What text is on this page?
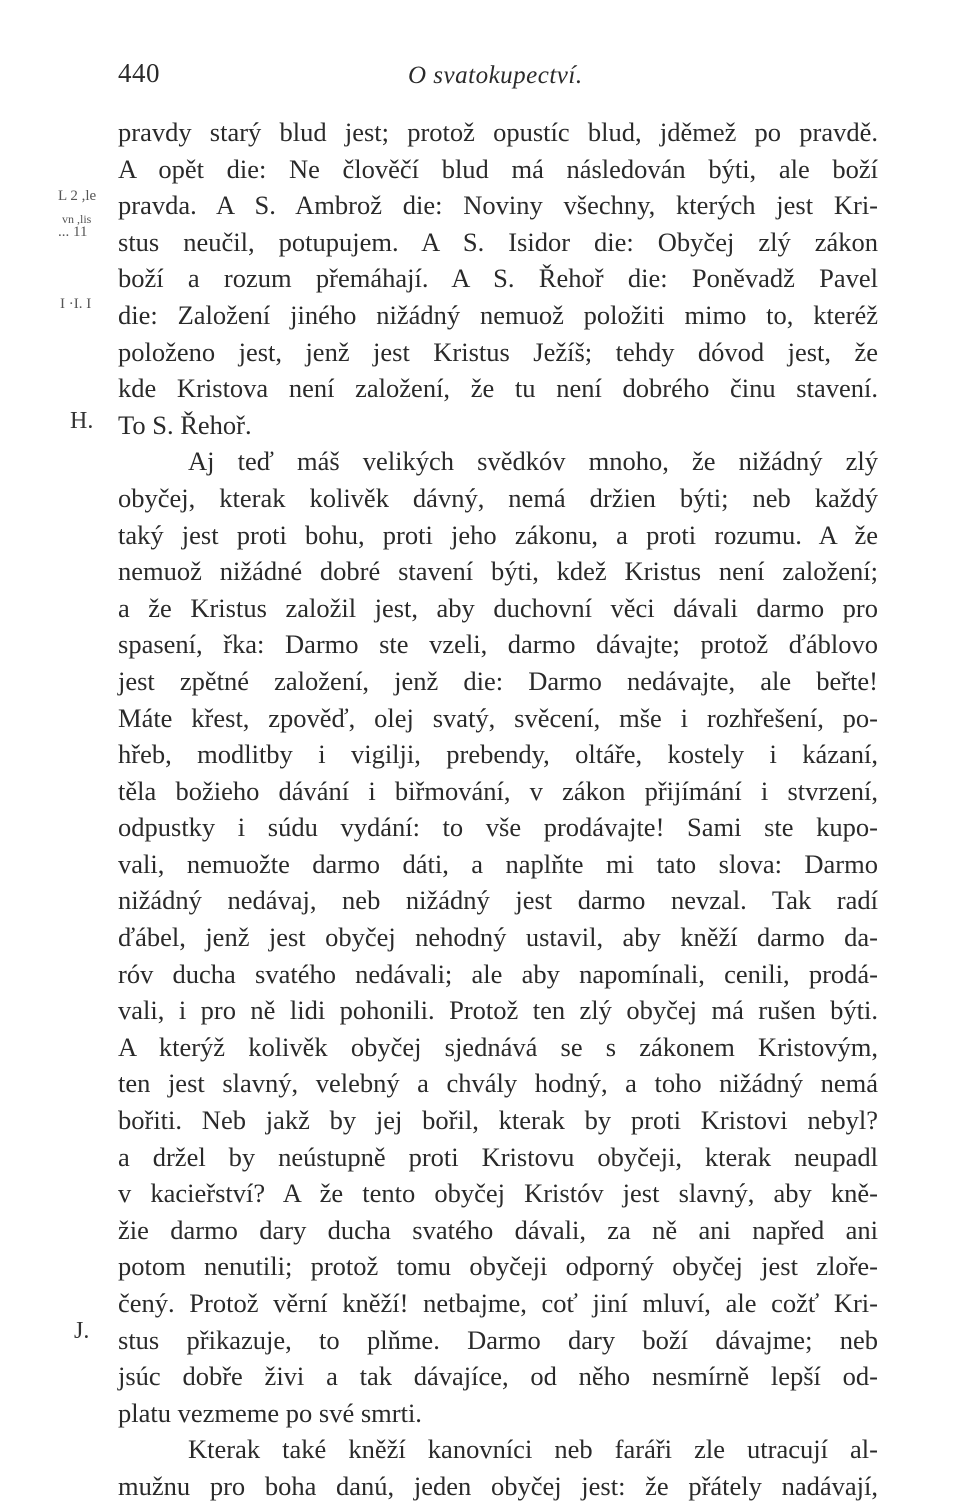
440	O svatokupectví.
L 2 ,le
vn ,lis
... 11
I ·I. I
H.
J.
pravdy starý blud jest; protož opustíc blud, jděmež po pravdě.
A opět die: Ne člověčí blud má následován býti, ale boží
pravda. A S. Ambrož die: Noviny všechny, kterých jest Kri-
stus neučil, potupujem. A S. Isidor die: Obyčej zlý zákon
boží a rozum přemáhají. A S. Řehoř die: Poněvadž Pavel
die: Založení jiného nižádný nemuož položiti mimo to, kteréž
položeno jest, jenž jest Kristus Ježíš; tehdy dóvod jest, že
kde Kristova není založení, že tu není dobrého činu stavení.
To S. Řehoř.
Aj teď máš velikých svědkóv mnoho, že nižádný zlý
obyčej, kterak kolivěk dávný, nemá držien býti; neb každý
taký jest proti bohu, proti jeho zákonu, a proti rozumu. A že
nemuož nižádné dobré stavení býti, kdež Kristus není založení;
a že Kristus založil jest, aby duchovní věci dávali darmo pro
spasení, řka: Darmo ste vzeli, darmo dávajte; protož ďáblovo
jest zpětné založení, jenž die: Darmo nedávajte, ale beřte!
Máte křest, zpověď, olej svatý, svěcení, mše i rozhřešení, po-
hřeb, modlitby i vigilji, prebendy, oltáře, kostely i kázaní,
těla božieho dávání i biřmování, v zákon přijímání i stvrzení,
odpustky i súdu vydání: to vše prodávajte! Sami ste kupo-
vali, nemuožte darmo dáti, a naplňte mi tato slova: Darmo
nižádný nedávaj, neb nižádný jest darmo nevzal. Tak radí
ďábel, jenž jest obyčej nehodný ustavil, aby kněží darmo da-
róv ducha svatého nedávali; ale aby napomínali, cenili, prodá-
vali, i pro ně lidi pohonili. Protož ten zlý obyčej má rušen býti.
A kterýž kolivěk obyčej sjednává se s zákonem Kristovým,
ten jest slavný, velebný a chvály hodný, a toho nižádný nemá
bořiti. Neb jakž by jej bořil, kterak by proti Kristovi nebyl?
a držel by neústupně proti Kristovu obyčeji, kterak neupadl
v kacieřství? A že tento obyčej Kristóv jest slavný, aby kně-
žie darmo dary ducha svatého dávali, za ně ani napřed ani
potom nenutili; protož tomu obyčeji odporný obyčej jest zlořе-
čený. Protož věrní kněží! netbajme, coť jiní mluví, ale cožť Kri-
stus přikazuje, to plňme. Darmo dary boží dávajme; neb
jsúc dobře živi a tak dávajíce, od něho nesmírně lepší od-
platu vezmeme po své smrti.
Kterak také kněží kanovníci neb faráři zle utracují al-
mužnu pro boha danú, jeden obyčej jest: že přátely nadávají,
